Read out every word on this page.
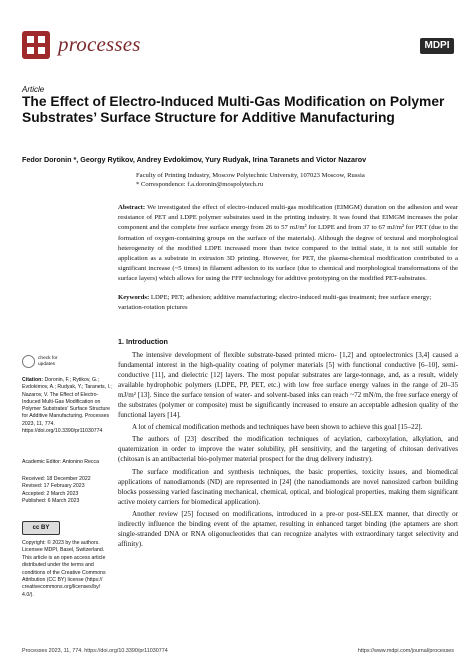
processes	MDPI
Article
The Effect of Electro-Induced Multi-Gas Modification on Polymer Substrates’ Surface Structure for Additive Manufacturing
Fedor Doronin *, Georgy Rytikov, Andrey Evdokimov, Yury Rudyak, Irina Taranets and Victor Nazarov
Faculty of Printing Industry, Moscow Polytechnic University, 107023 Moscow, Russia
* Correspondence: f.a.doronin@mospolytech.ru
Abstract: We investigated the effect of electro-induced multi-gas modification (EIMGM) duration on the adhesion and wear resistance of PET and LDPE polymer substrates used in the printing industry. It was found that EIMGM increases the polar component and the complete free surface energy from 26 to 57 mJ/m² for LDPE and from 37 to 67 mJ/m² for PET (due to the formation of oxygen-containing groups on the surface of the materials). Although the degree of textural and morphological heterogeneity of the modified LDPE increased more than twice compared to the initial state, it is not still suitable for application as a substrate in extrusion 3D printing. However, for PET, the plasma-chemical modification contributed to a significant increase (~5 times) in filament adhesion to its surface (due to chemical and morphological transformations of the surface layers) which allows for using the FFF technology for additive prototyping on the modified PET-substrates.
Keywords: LDPE; PET; adhesion; additive manufacturing; electro-induced multi-gas treatment; free surface energy; variation-rotation pictures
check for updates
Citation: Doronin, F.; Rytikov, G.; Evdokimov, A.; Rudyak, Y.; Taranets, I.; Nazarov, V. The Effect of Electro-Induced Multi-Gas Modification on Polymer Substrates’ Surface Structure for Additive Manufacturing. Processes 2023, 11, 774. https://doi.org/10.3390/pr11030774
Academic Editor: Antonino Recca
Received: 18 December 2022
Revised: 17 February 2023
Accepted: 2 March 2023
Published: 6 March 2023
cc BY
Copyright: © 2023 by the authors. Licensee MDPI, Basel, Switzerland. This article is an open access article distributed under the terms and conditions of the Creative Commons Attribution (CC BY) license (https:// creativecommons.org/licenses/by/ 4.0/).
1. Introduction

The intensive development of flexible substrate-based printed micro- [1,2] and optoelectronics [3,4] caused a fundamental interest in the high-quality coating of polymer materials [5] with functional conductive [6–10], semi-conductive [11], and dielectric [12] layers. The most popular substrates are large-tonnage, and, as a result, widely available hydrophobic polymers (LDPE, PP, PET, etc.) with low free surface energy values in the range of 20–35 mJ/m² [13]. Since the surface tension of water- and solvent-based inks can reach ~72 mN/m, the free surface energy of the substrates (polymer or composite) must be significantly increased to ensure an acceptable adhesion quality of the functional layers [14].

A lot of chemical modification methods and techniques have been shown to achieve this goal [15–22].

The authors of [23] described the modification techniques of acylation, carboxylation, alkylation, and quaternization in order to improve the water solubility, pH sensitivity, and the targeting of chitosan derivatives (chitosan is an antibacterial bio-polymer material prospect for the drug delivery industry).

The surface modification and synthesis techniques, the basic properties, toxicity issues, and biomedical applications of nanodiamonds (ND) are represented in [24] (the nanodiamonds are novel nanosized carbon building blocks possessing varied fascinating mechanical, chemical, optical, and biological properties, making them significant active moiety carriers for biomedical application).

Another review [25] focused on modifications, introduced in a pre-or post-SELEX manner, that directly or indirectly influence the binding event of the aptamer, resulting in enhanced target binding (the aptamers are short single-stranded DNA or RNA oligonucleotides that can recognize analytes with extraordinary target selectivity and affinity).

Processes 2023, 11, 774. https://doi.org/10.3390/pr11030774	https://www.mdpi.com/journal/processes
